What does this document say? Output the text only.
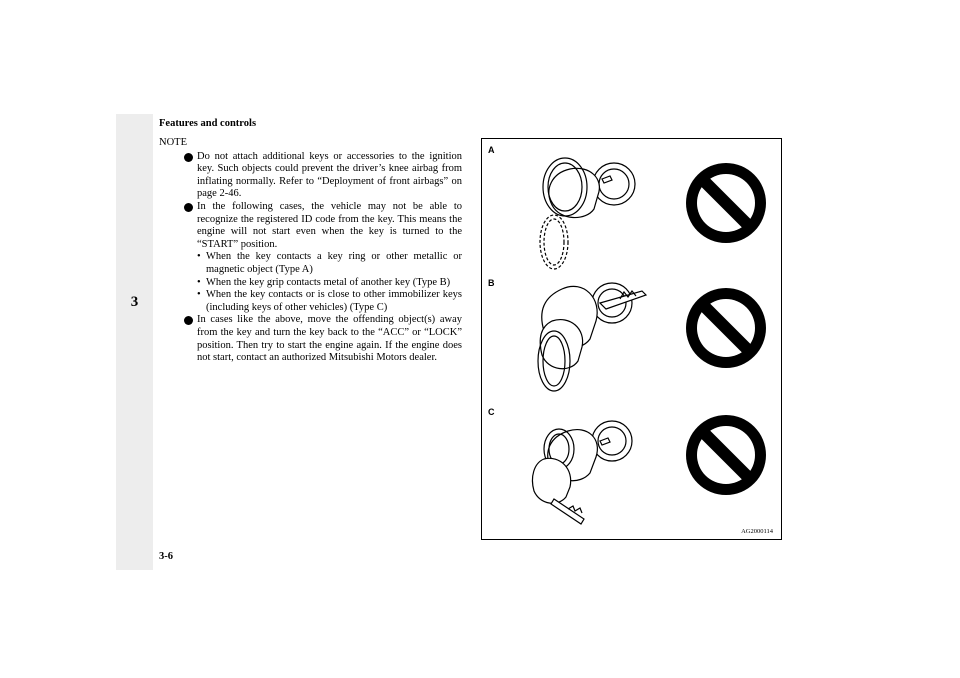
Features and controls
3
NOTE
Do not attach additional keys or accessories to the ignition key. Such objects could prevent the driver’s knee airbag from inflating normally. Refer to “Deployment of front airbags” on page 2-46.
In the following cases, the vehicle may not be able to recognize the registered ID code from the key. This means the engine will not start even when the key is turned to the “START” position.
• When the key contacts a key ring or other metallic or magnetic object (Type A)
• When the key grip contacts metal of another key (Type B)
• When the key contacts or is close to other immobilizer keys (including keys of other vehicles) (Type C)
In cases like the above, move the offending object(s) away from the key and turn the key back to the “ACC” or “LOCK” position. Then try to start the engine again. If the engine does not start, contact an authorized Mitsubishi Motors dealer.
A
B
C
AG2000114
3-6
